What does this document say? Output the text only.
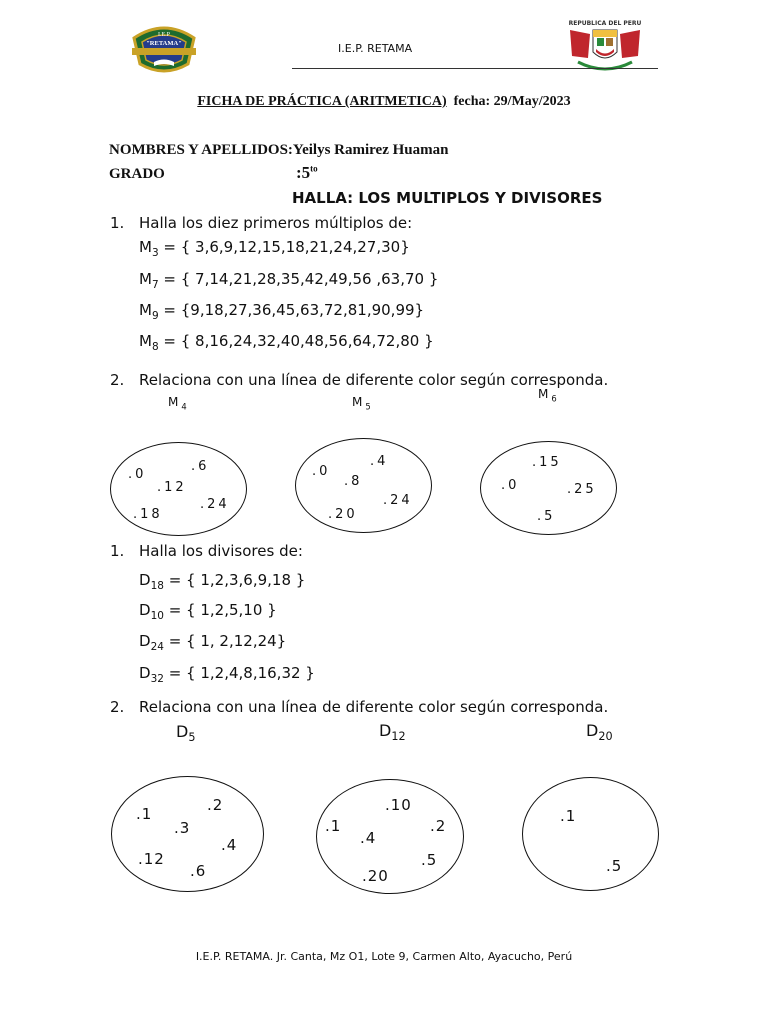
I.E.P
"RETAMA"	I.E.P. RETAMA
REPUBLICA DEL PERU
FICHA DE PRÁCTICA (ARITMETICA) fecha: 29/May/2023
NOMBRES Y APELLIDOS:Yeilys Ramirez Huaman
GRADO	$:5^{to}$
HALLA: LOS MULTIPLOS Y DIVISORES
1. Halla los diez primeros múltiplos de:
$M_3$ = { 3,6,9,12,15,18,21,24,27,30}
$M_7$ = { 7,14,21,28,35,42,49,56 ,63,70 }
$M_9 = \{9,18,27,36,45,63,72,81,90,99\}$
$M_8$ = { 8,16,24,32,40,48,56,64,72,80 }
2. Relaciona con una línea de diferente color según corresponda.
$M_4$	$M_5$
$M_6$
.0
.6
.12
.24
.18
.4
.0
.8
.24
.20
.15
.0	.25
.5
1. Halla los divisores de:
$D_{18}$ = { 1,2,3,6,9,18 }
$D_{10}$ = { 1,2,5,10 }
$D_{24}$ = { 1, 2,12,24}
$D_{32}$ = { 1,2,4,8,16,32 }
2. Relaciona con una línea de diferente color según corresponda.
$D_5$	$D_{12}$	$D_{20}$
.2
.1
.3
.4
.12
.6
.10
.1	.2
.4
.5
.20
.1
.5
I.E.P. RETAMA. Jr. Canta, Mz O1, Lote 9, Carmen Alto, Ayacucho, Perú
